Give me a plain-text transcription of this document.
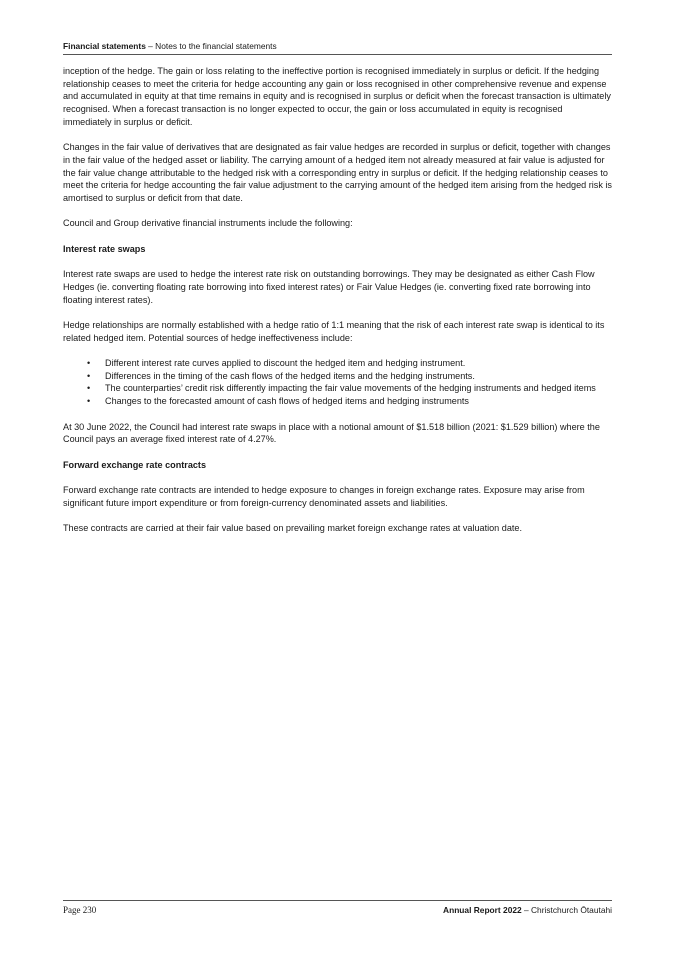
Financial statements – Notes to the financial statements

inception of the hedge. The gain or loss relating to the ineffective portion is recognised immediately in surplus or deficit. If the hedging relationship ceases to meet the criteria for hedge accounting any gain or loss recognised in other comprehensive revenue and expense and accumulated in equity at that time remains in equity and is recognised in surplus or deficit when the forecast transaction is ultimately recognised. When a forecast transaction is no longer expected to occur, the gain or loss accumulated in equity is recognised immediately in surplus or deficit.

Changes in the fair value of derivatives that are designated as fair value hedges are recorded in surplus or deficit, together with changes in the fair value of the hedged asset or liability. The carrying amount of a hedged item not already measured at fair value is adjusted for the fair value change attributable to the hedged risk with a corresponding entry in surplus or deficit. If the hedging relationship ceases to meet the criteria for hedge accounting the fair value adjustment to the carrying amount of the hedged item arising from the hedged risk is amortised to surplus or deficit from that date.

Council and Group derivative financial instruments include the following:

Interest rate swaps

Interest rate swaps are used to hedge the interest rate risk on outstanding borrowings. They may be designated as either Cash Flow Hedges (ie. converting floating rate borrowing into fixed interest rates) or Fair Value Hedges (ie. converting fixed rate borrowing into floating interest rates).

Hedge relationships are normally established with a hedge ratio of 1:1 meaning that the risk of each interest rate swap is identical to its related hedged item. Potential sources of hedge ineffectiveness include:

• Different interest rate curves applied to discount the hedged item and hedging instrument.
• Differences in the timing of the cash flows of the hedged items and the hedging instruments.
• The counterparties’ credit risk differently impacting the fair value movements of the hedging instruments and hedged items
• Changes to the forecasted amount of cash flows of hedged items and hedging instruments

At 30 June 2022, the Council had interest rate swaps in place with a notional amount of $1.518 billion (2021: $1.529 billion) where the Council pays an average fixed interest rate of 4.27%.

Forward exchange rate contracts

Forward exchange rate contracts are intended to hedge exposure to changes in foreign exchange rates. Exposure may arise from significant future import expenditure or from foreign-currency denominated assets and liabilities.

These contracts are carried at their fair value based on prevailing market foreign exchange rates at valuation date.

Page 230	Annual Report 2022 – Christchurch Ōtautahi
